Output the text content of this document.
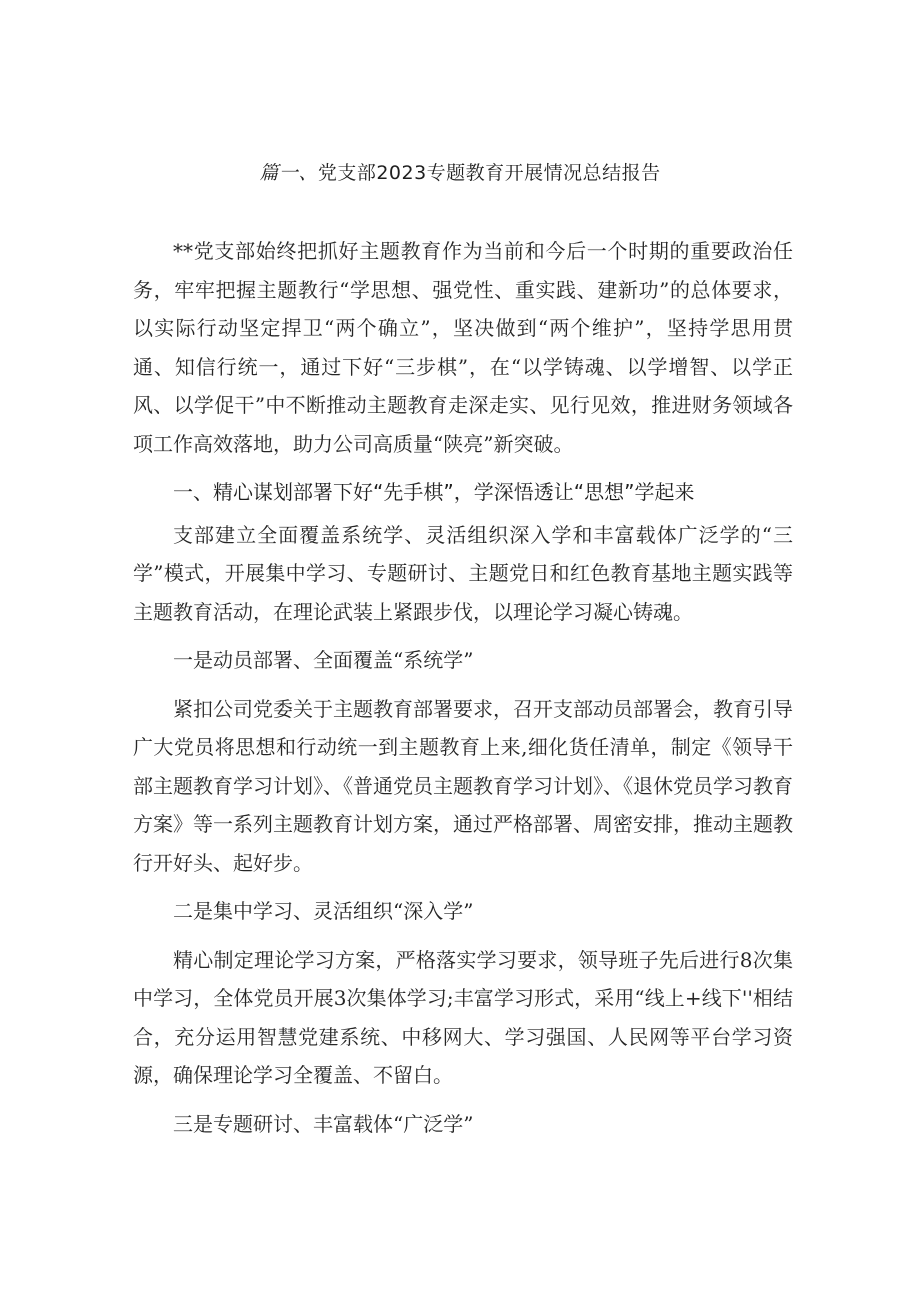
篇一、党支部2023专题教育开展情况总结报告

**党支部始终把抓好主题教育作为当前和今后一个时期的重要政治任务，牢牢把握主题教行“学思想、强党性、重实践、建新功”的总体要求，以实际行动坚定捍卫“两个确立”，坚决做到“两个维护”，坚持学思用贯通、知信行统一，通过下好“三步棋”，在“以学铸魂、以学增智、以学正风、以学促干”中不断推动主题教育走深走实、见行见效，推进财务领域各项工作高效落地，助力公司高质量“陕亮”新突破。

一、精心谋划部署下好“先手棋”，学深悟透让“思想”学起来

支部建立全面覆盖系统学、灵活组织深入学和丰富载体广泛学的“三学”模式，开展集中学习、专题研讨、主题党日和红色教育基地主题实践等主题教育活动，在理论武装上紧跟步伐，以理论学习凝心铸魂。

一是动员部署、全面覆盖“系统学”

紧扣公司党委关于主题教育部署要求，召开支部动员部署会，教育引导广大党员将思想和行动统一到主题教育上来,细化货任清单，制定《领导干部主题教育学习计划》、《普通党员主题教育学习计划》、《退休党员学习教育方案》等一系列主题教育计划方案，通过严格部署、周密安排，推动主题教行开好头、起好步。

二是集中学习、灵活组织“深入学”

精心制定理论学习方案，严格落实学习要求，领导班子先后进行8次集中学习，全体党员开展3次集体学习;丰富学习形式，采用“线上+线下''相结合，充分运用智慧党建系统、中移网大、学习强国、人民网等平台学习资源，确保理论学习全覆盖、不留白。

三是专题研讨、丰富载体“广泛学”
